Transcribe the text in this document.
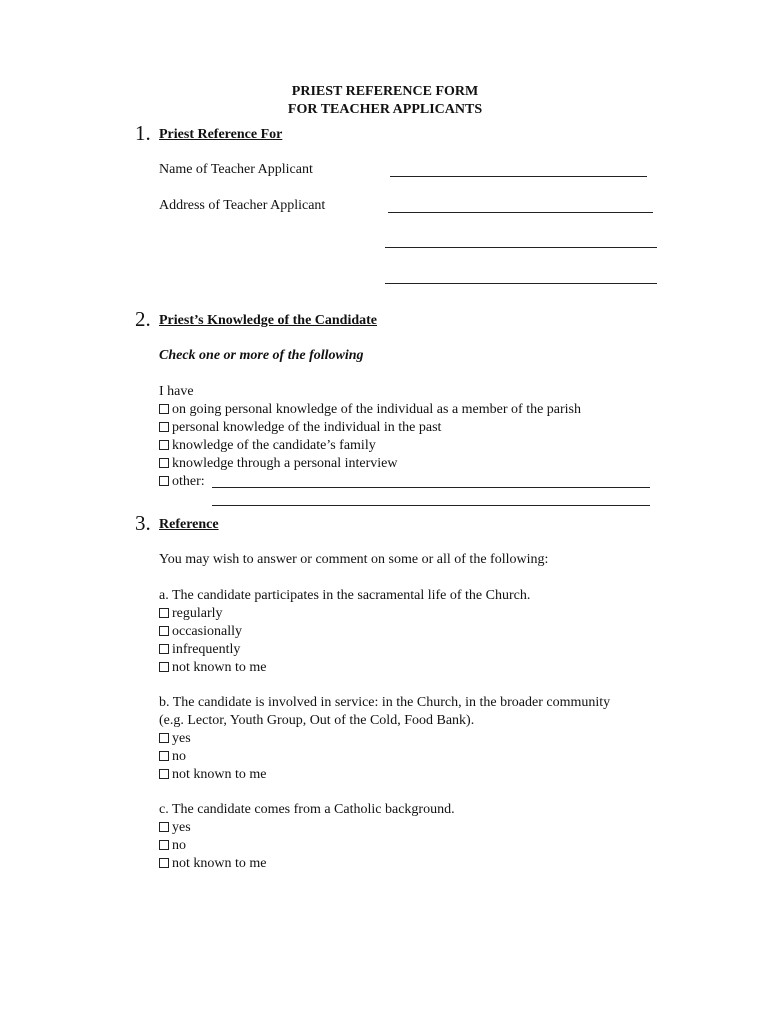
PRIEST REFERENCE FORM
FOR TEACHER APPLICANTS
1. Priest Reference For
Name of Teacher Applicant
Address of Teacher Applicant
2. Priest’s Knowledge of the Candidate
Check one or more of the following
I have
on going personal knowledge of the individual as a member of the parish
personal knowledge of the individual in the past
knowledge of the candidate’s family
knowledge through a personal interview
other:
3. Reference
You may wish to answer or comment on some or all of the following:
a. The candidate participates in the sacramental life of the Church.
regularly
occasionally
infrequently
not known to me
b. The candidate is involved in service: in the Church, in the broader community
(e.g. Lector, Youth Group, Out of the Cold, Food Bank).
yes
no
not known to me
c. The candidate comes from a Catholic background.
yes
no
not known to me
